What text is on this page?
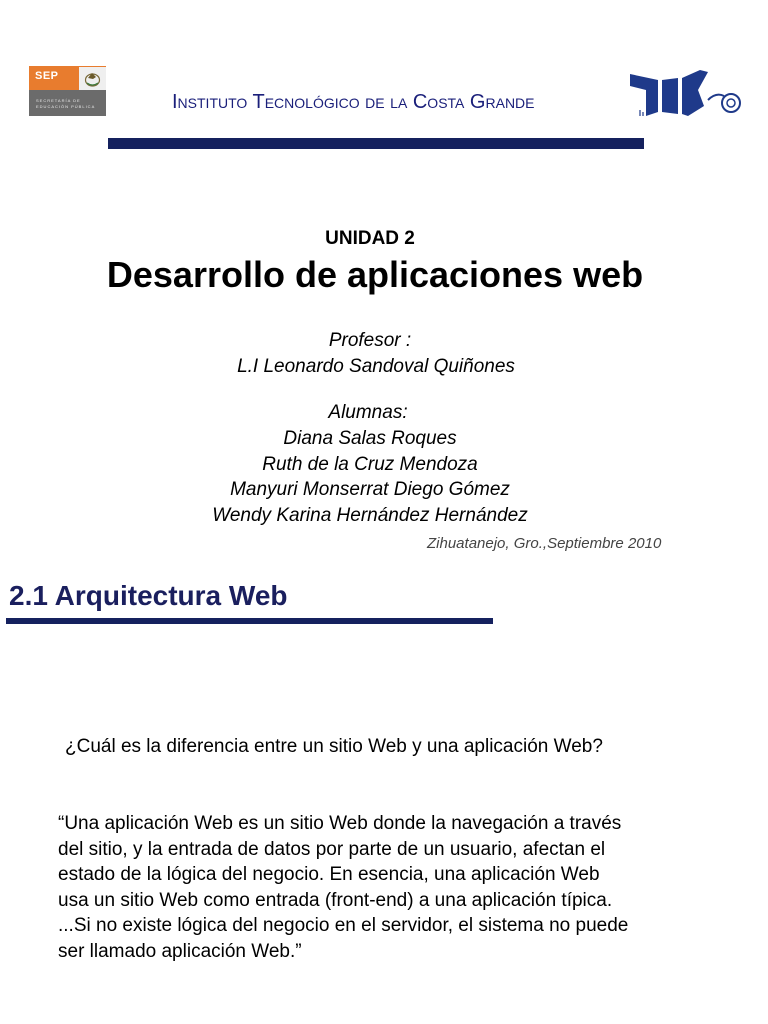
SEP
SECRETARÍA DE
EDUCACIÓN PÚBLICA	Instituto Tecnológico de la Costa Grande
UNIDAD 2
Desarrollo de aplicaciones web
Profesor :
L.I Leonardo Sandoval Quiñones
Alumnas:
Diana Salas Roques
Ruth de la Cruz Mendoza
Manyuri Monserrat Diego Gómez
Wendy Karina Hernández Hernández
Zihuatanejo, Gro.,Septiembre 2010
2.1 Arquitectura Web
¿Cuál es la diferencia entre un sitio Web y una aplicación Web?
“Una aplicación Web es un sitio Web donde la navegación a través
del sitio, y la entrada de datos por parte de un usuario, afectan el
estado de la lógica del negocio. En esencia, una aplicación Web
usa un sitio Web como entrada (front-end) a una aplicación típica.
...Si no existe lógica del negocio en el servidor, el sistema no puede
ser llamado aplicación Web.”
